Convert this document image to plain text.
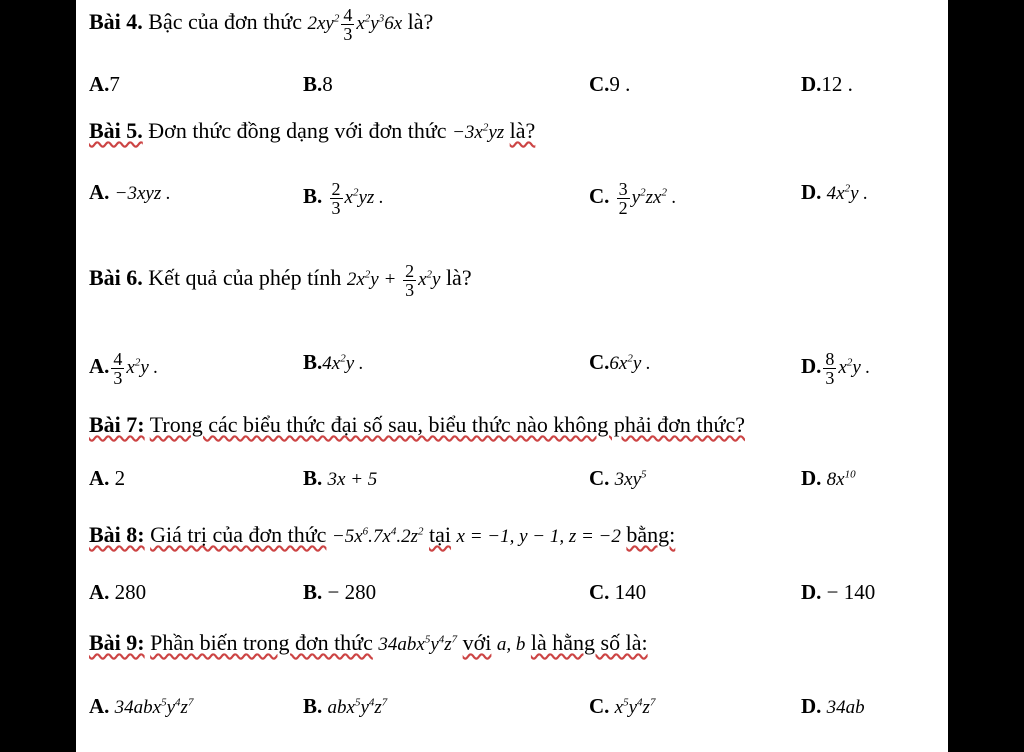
Bài 4. Bậc của đơn thức $2xy^2 \frac{4}{3} x^2y^36x$ là?
A.7	B.8	C.9 .	D.12 .
Bài 5. Đơn thức đồng dạng với đơn thức $-3x^2yz$ là?
A. −3xyz .	B. $\frac{2}{3} x^2yz$ .	C. $\frac{3}{2} y^2zx^2$ .	D. $4x^2y$ .
Bài 6. Kết quả của phép tính $2x^2y + \frac{2}{3} x^2y$ là?
A. $\frac{4}{3} x^2y$ .	$B.4x^2y$ .	$C.6x^2y$ .	D. $\frac{8}{3} x^2y$ .
Bài 7: Trong các biểu thức đại số sau, biểu thức nào không phải đơn thức?
A. 2	B. 3x + 5	C. $3xy^5$	D. $8x^{10}$
Bài 8: Giá trị của đơn thức $-5x^6.7x^4.2z^2$ tại x = −1, y − 1, z = −2 bằng:
A. 280	B. − 280	C. 140	D. − 140
Bài 9: Phần biến trong đơn thức $34abx^5y^4z^7$ với a, b là hằng số là:
A. $34abx^5y^4z^7$	B. $abx^5y^4z^7$	C. $x^5y^4z^7$	D. 34ab
